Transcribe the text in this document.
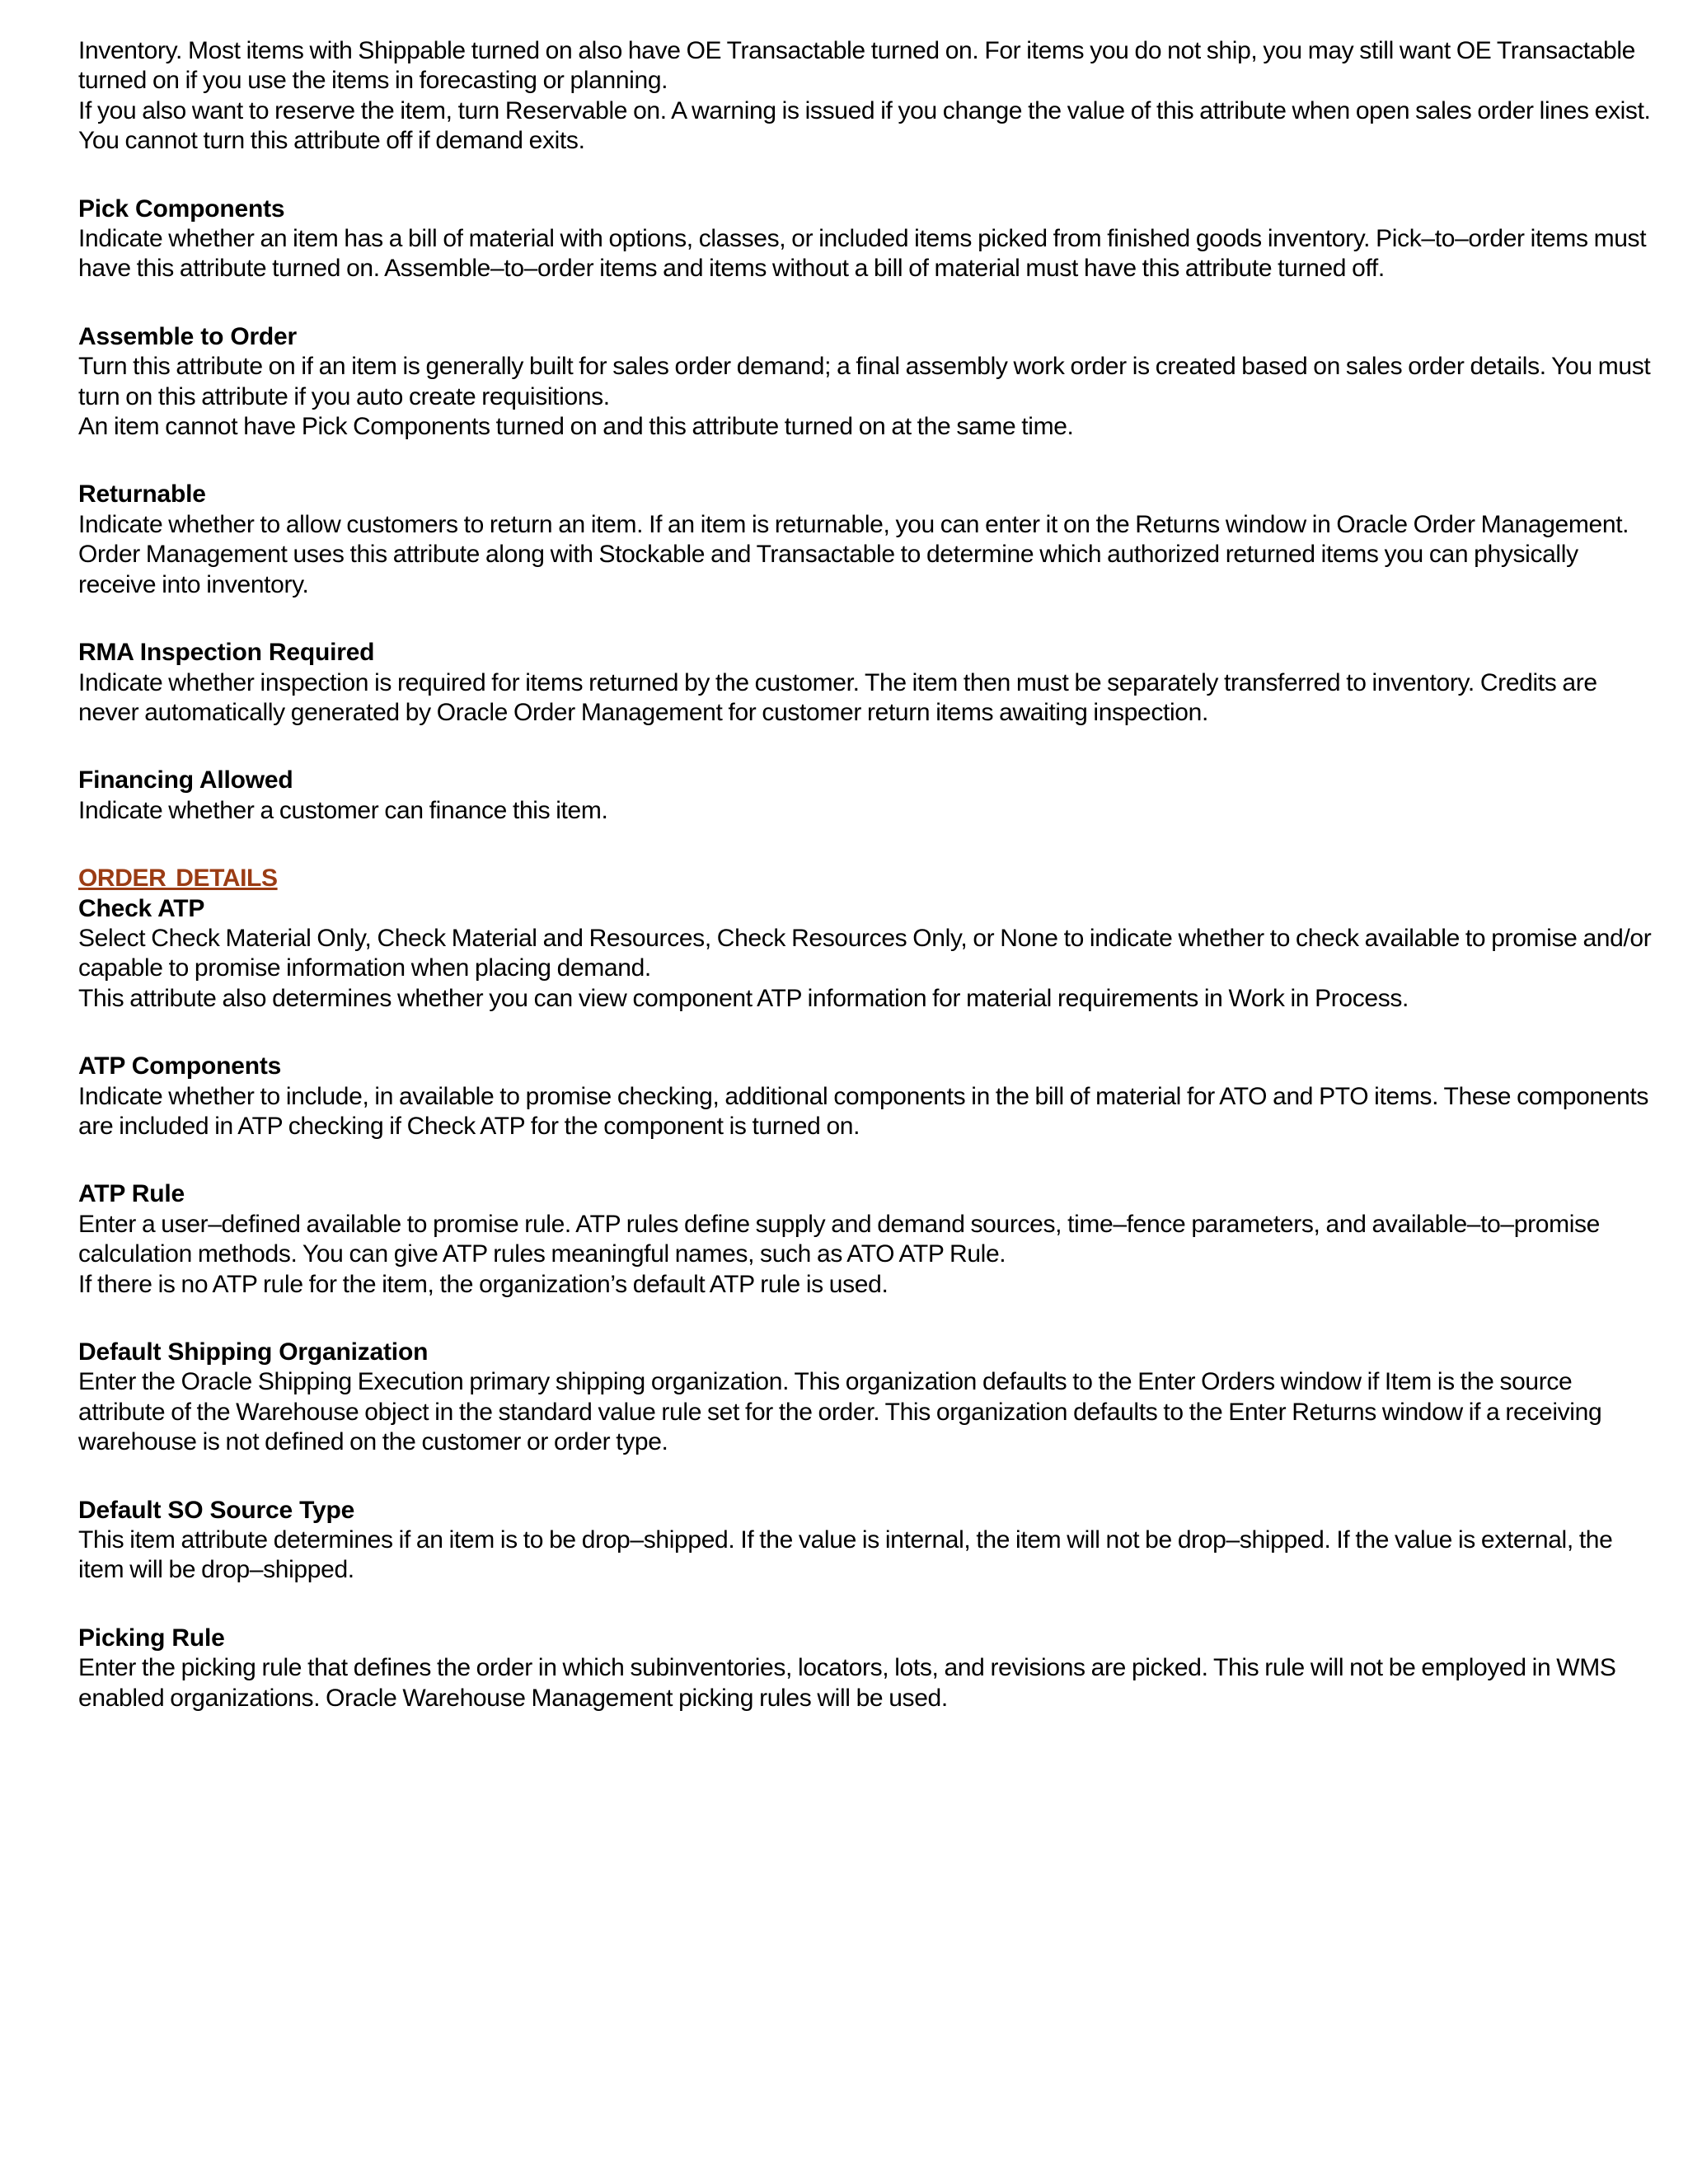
Inventory. Most items with Shippable turned on also have OE Transactable turned on. For items you do not ship, you may still want OE Transactable turned on if you use the items in forecasting or planning.
If you also want to reserve the item, turn Reservable on. A warning is issued if you change the value of this attribute when open sales order lines exist. You cannot turn this attribute off if demand exits.

Pick Components

Indicate whether an item has a bill of material with options, classes, or included items picked from finished goods inventory. Pick–to–order items must have this attribute turned on. Assemble–to–order items and items without a bill of material must have this attribute turned off.

Assemble to Order

Turn this attribute on if an item is generally built for sales order demand; a final assembly work order is created based on sales order details. You must turn on this attribute if you auto create requisitions.
An item cannot have Pick Components turned on and this attribute turned on at the same time.

Returnable

Indicate whether to allow customers to return an item. If an item is returnable, you can enter it on the Returns window in Oracle Order Management. Order Management uses this attribute along with Stockable and Transactable to determine which authorized returned items you can physically receive into inventory.

RMA Inspection Required

Indicate whether inspection is required for items returned by the customer. The item then must be separately transferred to inventory. Credits are never automatically generated by Oracle Order Management for customer return items awaiting inspection.

Financing Allowed

Indicate whether a customer can finance this item.

ORDER DETAILS

Check ATP

Select Check Material Only, Check Material and Resources, Check Resources Only, or None to indicate whether to check available to promise and/or capable to promise information when placing demand.
This attribute also determines whether you can view component ATP information for material requirements in Work in Process.

ATP Components

Indicate whether to include, in available to promise checking, additional components in the bill of material for ATO and PTO items. These components are included in ATP checking if Check ATP for the component is turned on.

ATP Rule

Enter a user–defined available to promise rule. ATP rules define supply and demand sources, time–fence parameters, and available–to–promise calculation methods. You can give ATP rules meaningful names, such as ATO ATP Rule.
If there is no ATP rule for the item, the organization’s default ATP rule is used.

Default Shipping Organization

Enter the Oracle Shipping Execution primary shipping organization. This organization defaults to the Enter Orders window if Item is the source attribute of the Warehouse object in the standard value rule set for the order. This organization defaults to the Enter Returns window if a receiving warehouse is not defined on the customer or order type.

Default SO Source Type

This item attribute determines if an item is to be drop–shipped. If the value is internal, the item will not be drop–shipped. If the value is external, the item will be drop–shipped.

Picking Rule

Enter the picking rule that defines the order in which subinventories, locators, lots, and revisions are picked. This rule will not be employed in WMS enabled organizations. Oracle Warehouse Management picking rules will be used.
